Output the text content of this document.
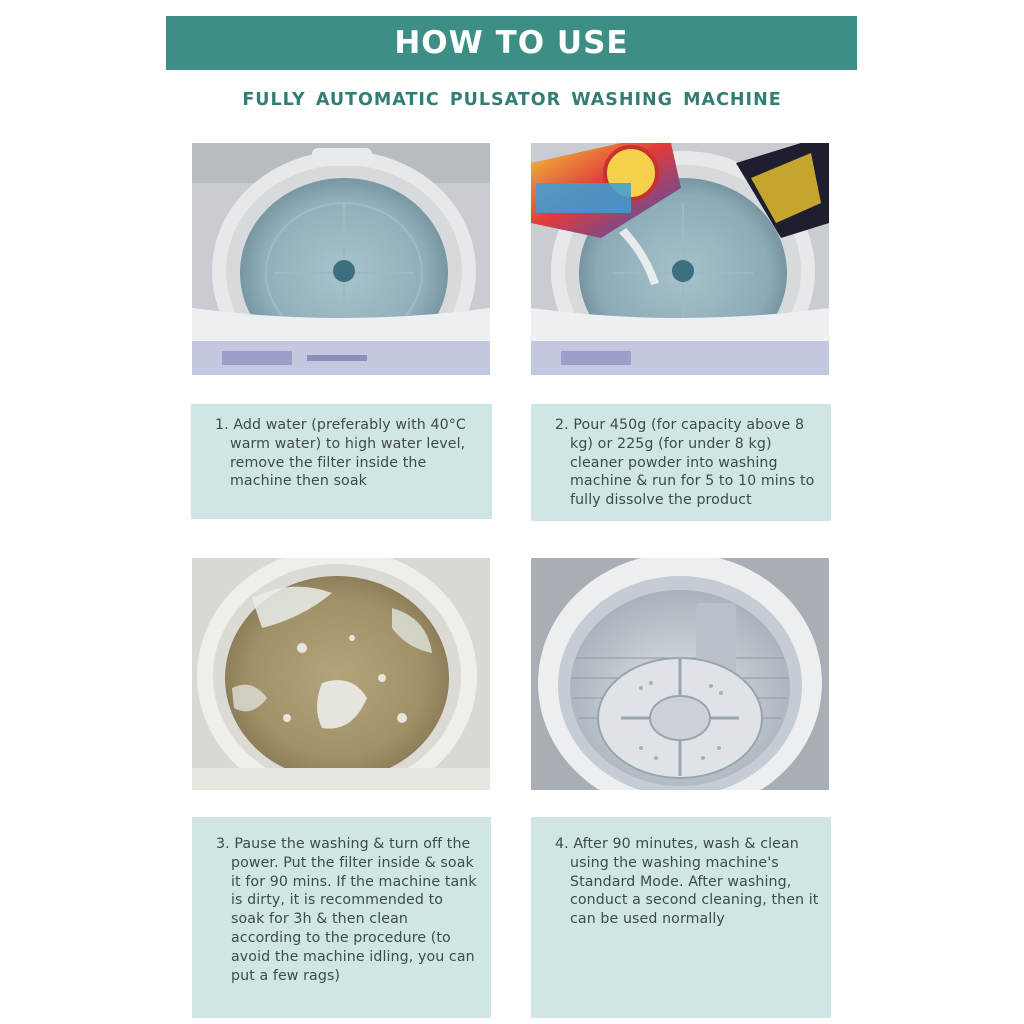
HOW TO USE
FULLY AUTOMATIC PULSATOR WASHING MACHINE

1. Add water (preferably with 40°C warm water) to high water level, remove the filter inside the machine then soak

2. Pour 450g (for capacity above 8 kg) or 225g (for under 8 kg) cleaner powder into washing machine & run for 5 to 10 mins to fully dissolve the product

3. Pause the washing & turn off the power. Put the filter inside & soak it for 90 mins. If the machine tank is dirty, it is recommended to soak for 3h & then clean according to the procedure (to avoid the machine idling, you can put a few rags)

4. After 90 minutes, wash & clean using the washing machine's Standard Mode. After washing, conduct a second cleaning, then it can be used normally
